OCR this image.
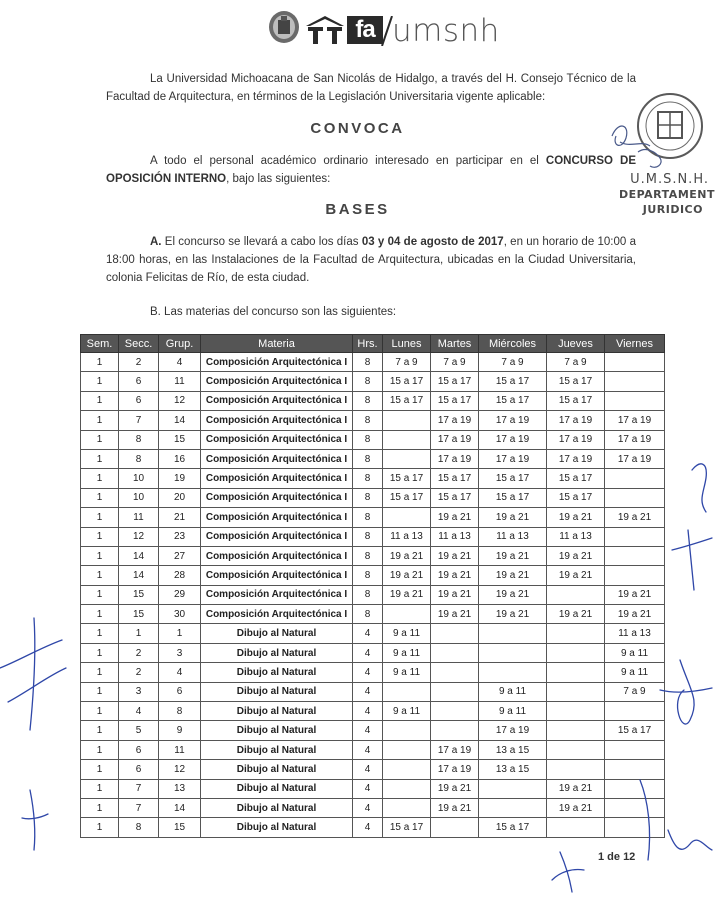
fa umsnh
La Universidad Michoacana de San Nicolás de Hidalgo, a través del H. Consejo Técnico de la Facultad de Arquitectura, en términos de la Legislación Universitaria vigente aplicable:
CONVOCA
A todo el personal académico ordinario interesado en participar en el CONCURSO DE OPOSICIÓN INTERNO, bajo las siguientes:
BASES
A. El concurso se llevará a cabo los días 03 y 04 de agosto de 2017, en un horario de 10:00 a 18:00 horas, en las Instalaciones de la Facultad de Arquitectura, ubicadas en la Ciudad Universitaria, colonia Felicitas de Río, de esta ciudad.
B. Las materias del concurso son las siguientes:
U.M.S.N.H.
DEPARTAMENT
JURIDICO
Sem.	Secc.	Grup.	Materia	Hrs.	Lunes	Martes	Miércoles	Jueves	Viernes
1	2	4	Composición Arquitectónica I	8	7 a 9	7 a 9	7 a 9	7 a 9	
1	6	11	Composición Arquitectónica I	8	15 a 17	15 a 17	15 a 17	15 a 17	
1	6	12	Composición Arquitectónica I	8	15 a 17	15 a 17	15 a 17	15 a 17	
1	7	14	Composición Arquitectónica I	8		17 a 19	17 a 19	17 a 19	17 a 19
1	8	15	Composición Arquitectónica I	8		17 a 19	17 a 19	17 a 19	17 a 19
1	8	16	Composición Arquitectónica I	8		17 a 19	17 a 19	17 a 19	17 a 19
1	10	19	Composición Arquitectónica I	8	15 a 17	15 a 17	15 a 17	15 a 17	
1	10	20	Composición Arquitectónica I	8	15 a 17	15 a 17	15 a 17	15 a 17	
1	11	21	Composición Arquitectónica I	8		19 a 21	19 a 21	19 a 21	19 a 21
1	12	23	Composición Arquitectónica I	8	11 a 13	11 a 13	11 a 13	11 a 13	
1	14	27	Composición Arquitectónica I	8	19 a 21	19 a 21	19 a 21	19 a 21	
1	14	28	Composición Arquitectónica I	8	19 a 21	19 a 21	19 a 21	19 a 21	
1	15	29	Composición Arquitectónica I	8	19 a 21	19 a 21	19 a 21		19 a 21
1	15	30	Composición Arquitectónica I	8		19 a 21	19 a 21	19 a 21	19 a 21
1	1	1	Dibujo al Natural	4	9 a 11				11 a 13
1	2	3	Dibujo al Natural	4	9 a 11				9 a 11
1	2	4	Dibujo al Natural	4	9 a 11				9 a 11
1	3	6	Dibujo al Natural	4			9 a 11		7 a 9
1	4	8	Dibujo al Natural	4	9 a 11		9 a 11		
1	5	9	Dibujo al Natural	4			17 a 19		15 a 17
1	6	11	Dibujo al Natural	4		17 a 19	13 a 15		
1	6	12	Dibujo al Natural	4		17 a 19	13 a 15		
1	7	13	Dibujo al Natural	4		19 a 21		19 a 21	
1	7	14	Dibujo al Natural	4		19 a 21		19 a 21	
1	8	15	Dibujo al Natural	4	15 a 17		15 a 17		
1 de 12
